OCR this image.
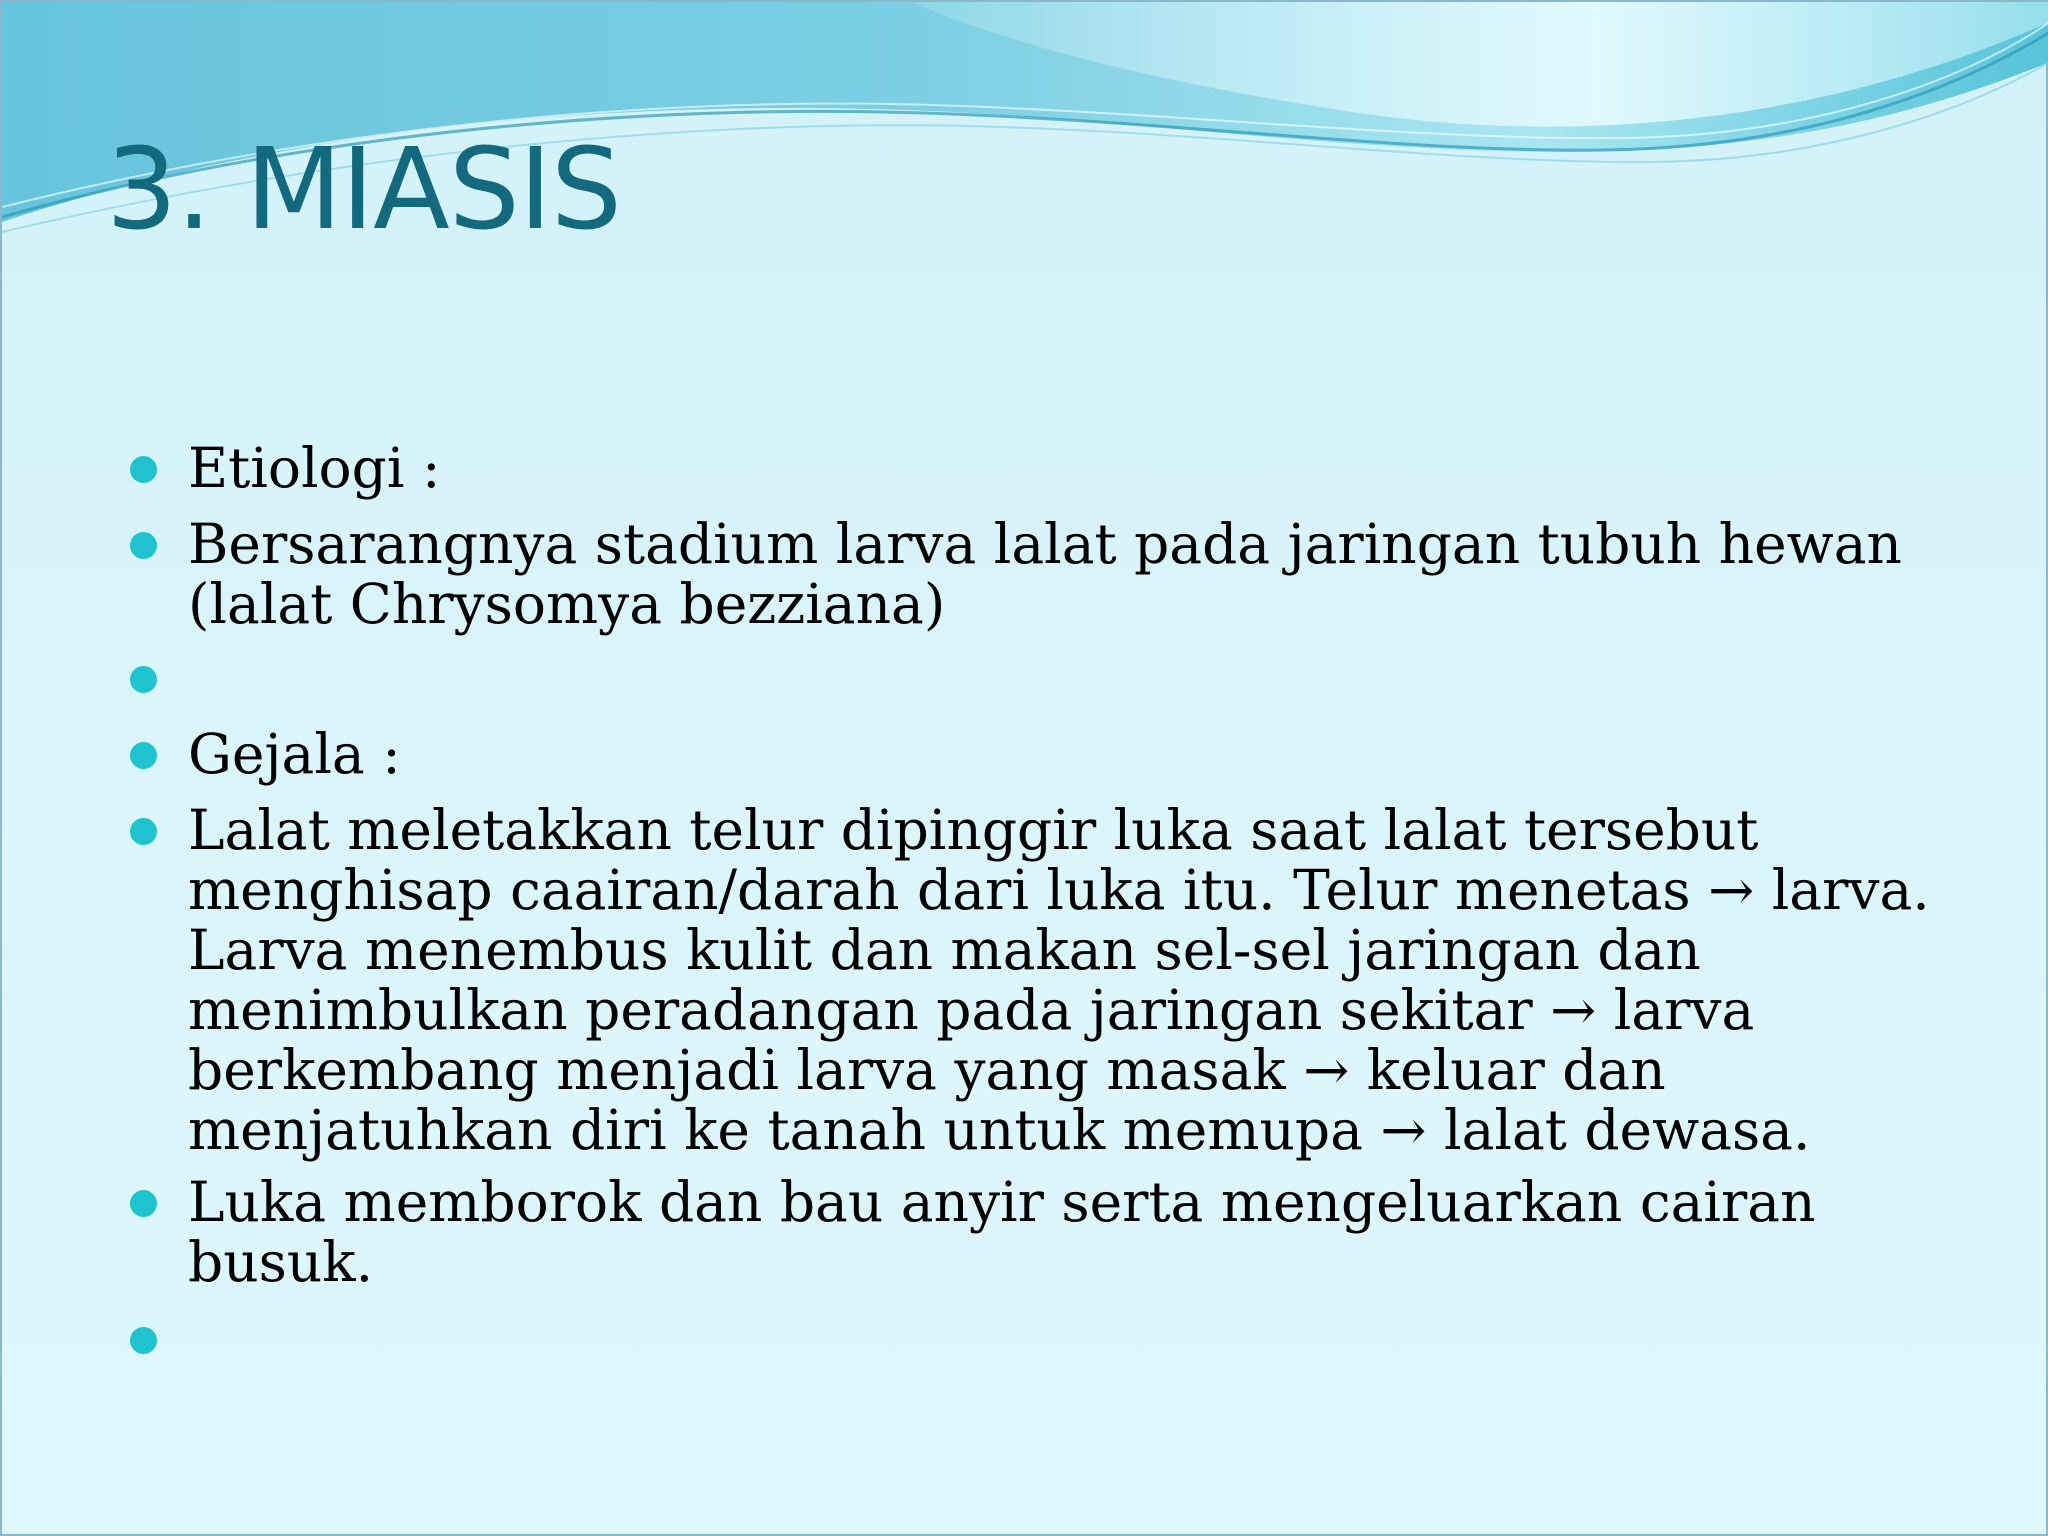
3. MIASIS
Etiologi :
Bersarangnya stadium larva lalat pada jaringan tubuh hewan
(lalat Chrysomya bezziana)
Gejala :
Lalat meletakkan telur dipinggir luka saat lalat tersebut
menghisap caairan/darah dari luka itu. Telur menetas → larva.
Larva menembus kulit dan makan sel-sel jaringan dan
menimbulkan peradangan pada jaringan sekitar → larva
berkembang menjadi larva yang masak → keluar dan
menjatuhkan diri ke tanah untuk memupa → lalat dewasa.
Luka memborok dan bau anyir serta mengeluarkan cairan
busuk.
